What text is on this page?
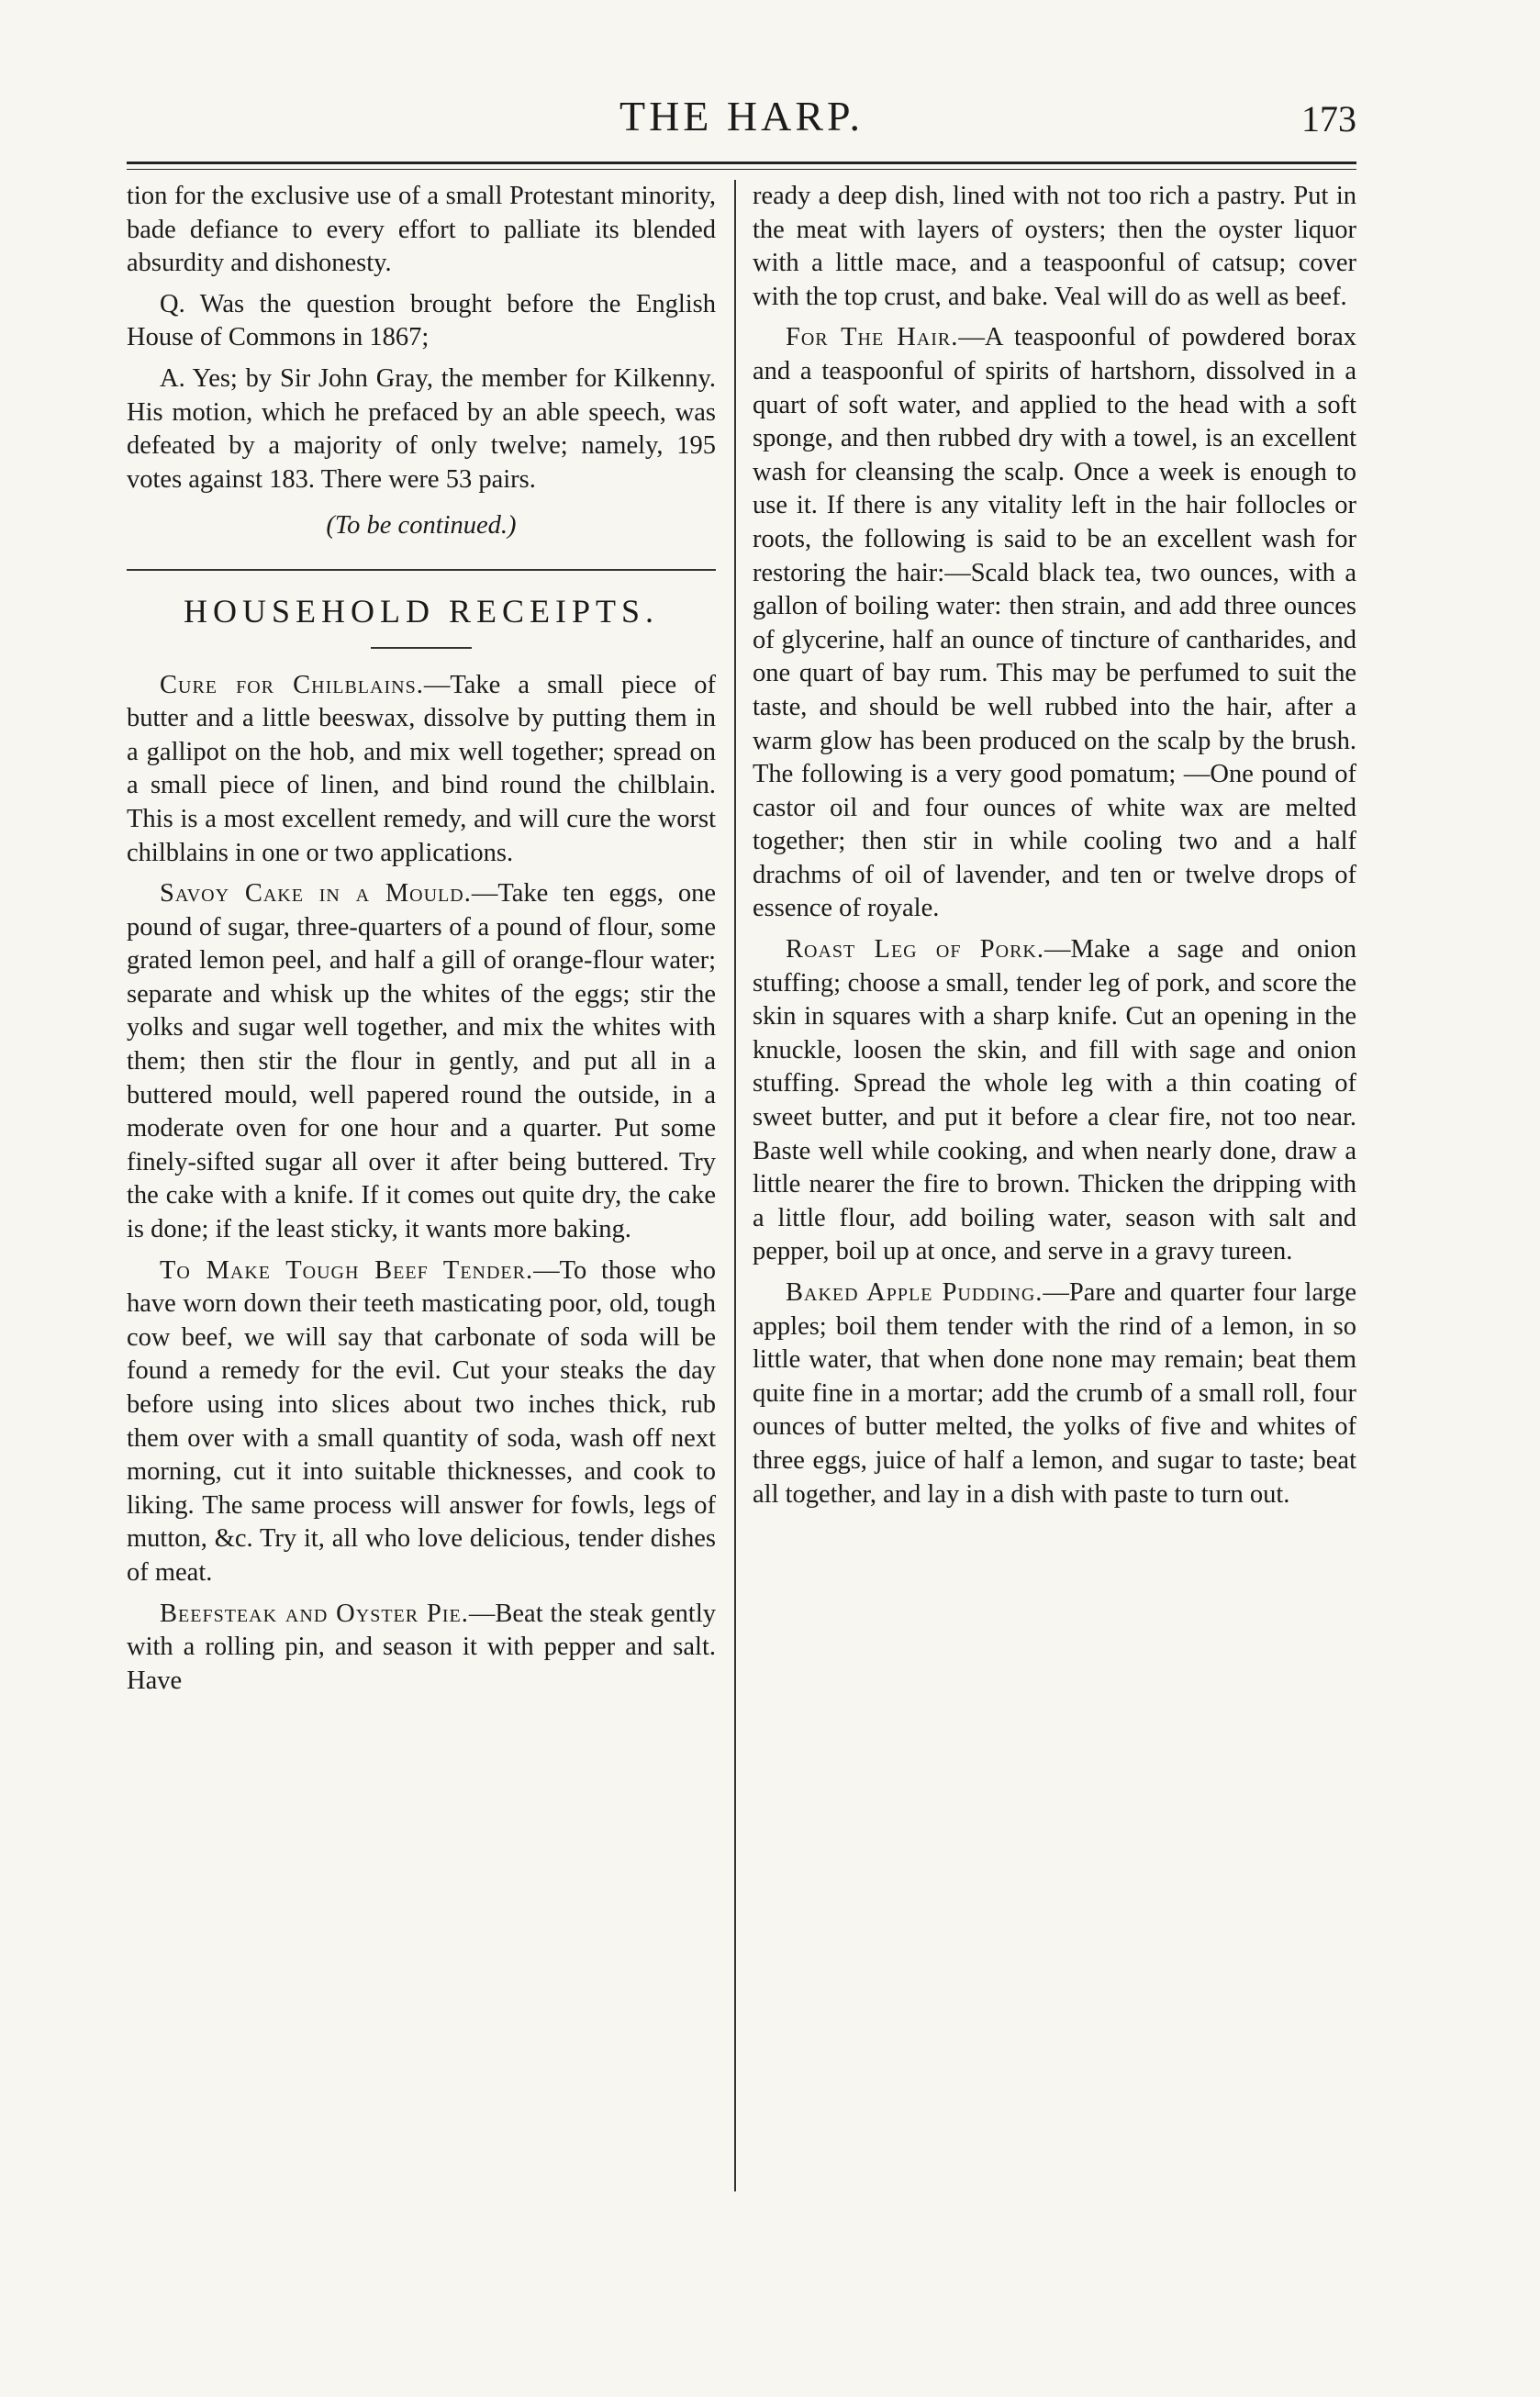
THE HARP.	173

tion for the exclusive use of a small Protestant minority, bade defiance to every effort to palliate its blended absurdity and dishonesty.

Q. Was the question brought before the English House of Commons in 1867;

A. Yes; by Sir John Gray, the member for Kilkenny. His motion, which he prefaced by an able speech, was defeated by a majority of only twelve; namely, 195 votes against 183. There were 53 pairs.

(To be continued.)

HOUSEHOLD RECEIPTS.

Cure for Chilblains.—Take a small piece of butter and a little beeswax, dissolve by putting them in a gallipot on the hob, and mix well together; spread on a small piece of linen, and bind round the chilblain. This is a most excellent remedy, and will cure the worst chilblains in one or two applications.

Savoy Cake in a Mould.—Take ten eggs, one pound of sugar, three-quarters of a pound of flour, some grated lemon peel, and half a gill of orange-flour water; separate and whisk up the whites of the eggs; stir the yolks and sugar well together, and mix the whites with them; then stir the flour in gently, and put all in a buttered mould, well papered round the outside, in a moderate oven for one hour and a quarter. Put some finely-sifted sugar all over it after being buttered. Try the cake with a knife. If it comes out quite dry, the cake is done; if the least sticky, it wants more baking.

To Make Tough Beef Tender.—To those who have worn down their teeth masticating poor, old, tough cow beef, we will say that carbonate of soda will be found a remedy for the evil. Cut your steaks the day before using into slices about two inches thick, rub them over with a small quantity of soda, wash off next morning, cut it into suitable thicknesses, and cook to liking. The same process will answer for fowls, legs of mutton, &c. Try it, all who love delicious, tender dishes of meat.

Beefsteak and Oyster Pie.—Beat the steak gently with a rolling pin, and season it with pepper and salt. Have

ready a deep dish, lined with not too rich a pastry. Put in the meat with layers of oysters; then the oyster liquor with a little mace, and a teaspoonful of catsup; cover with the top crust, and bake. Veal will do as well as beef.

For The Hair.—A teaspoonful of powdered borax and a teaspoonful of spirits of hartshorn, dissolved in a quart of soft water, and applied to the head with a soft sponge, and then rubbed dry with a towel, is an excellent wash for cleansing the scalp. Once a week is enough to use it. If there is any vitality left in the hair follocles or roots, the following is said to be an excellent wash for restoring the hair:—Scald black tea, two ounces, with a gallon of boiling water: then strain, and add three ounces of glycerine, half an ounce of tincture of cantharides, and one quart of bay rum. This may be perfumed to suit the taste, and should be well rubbed into the hair, after a warm glow has been produced on the scalp by the brush. The following is a very good pomatum; —One pound of castor oil and four ounces of white wax are melted together; then stir in while cooling two and a half drachms of oil of lavender, and ten or twelve drops of essence of royale.

Roast Leg of Pork.—Make a sage and onion stuffing; choose a small, tender leg of pork, and score the skin in squares with a sharp knife. Cut an opening in the knuckle, loosen the skin, and fill with sage and onion stuffing. Spread the whole leg with a thin coating of sweet butter, and put it before a clear fire, not too near. Baste well while cooking, and when nearly done, draw a little nearer the fire to brown. Thicken the dripping with a little flour, add boiling water, season with salt and pepper, boil up at once, and serve in a gravy tureen.

Baked Apple Pudding.—Pare and quarter four large apples; boil them tender with the rind of a lemon, in so little water, that when done none may remain; beat them quite fine in a mortar; add the crumb of a small roll, four ounces of butter melted, the yolks of five and whites of three eggs, juice of half a lemon, and sugar to taste; beat all together, and lay in a dish with paste to turn out.
